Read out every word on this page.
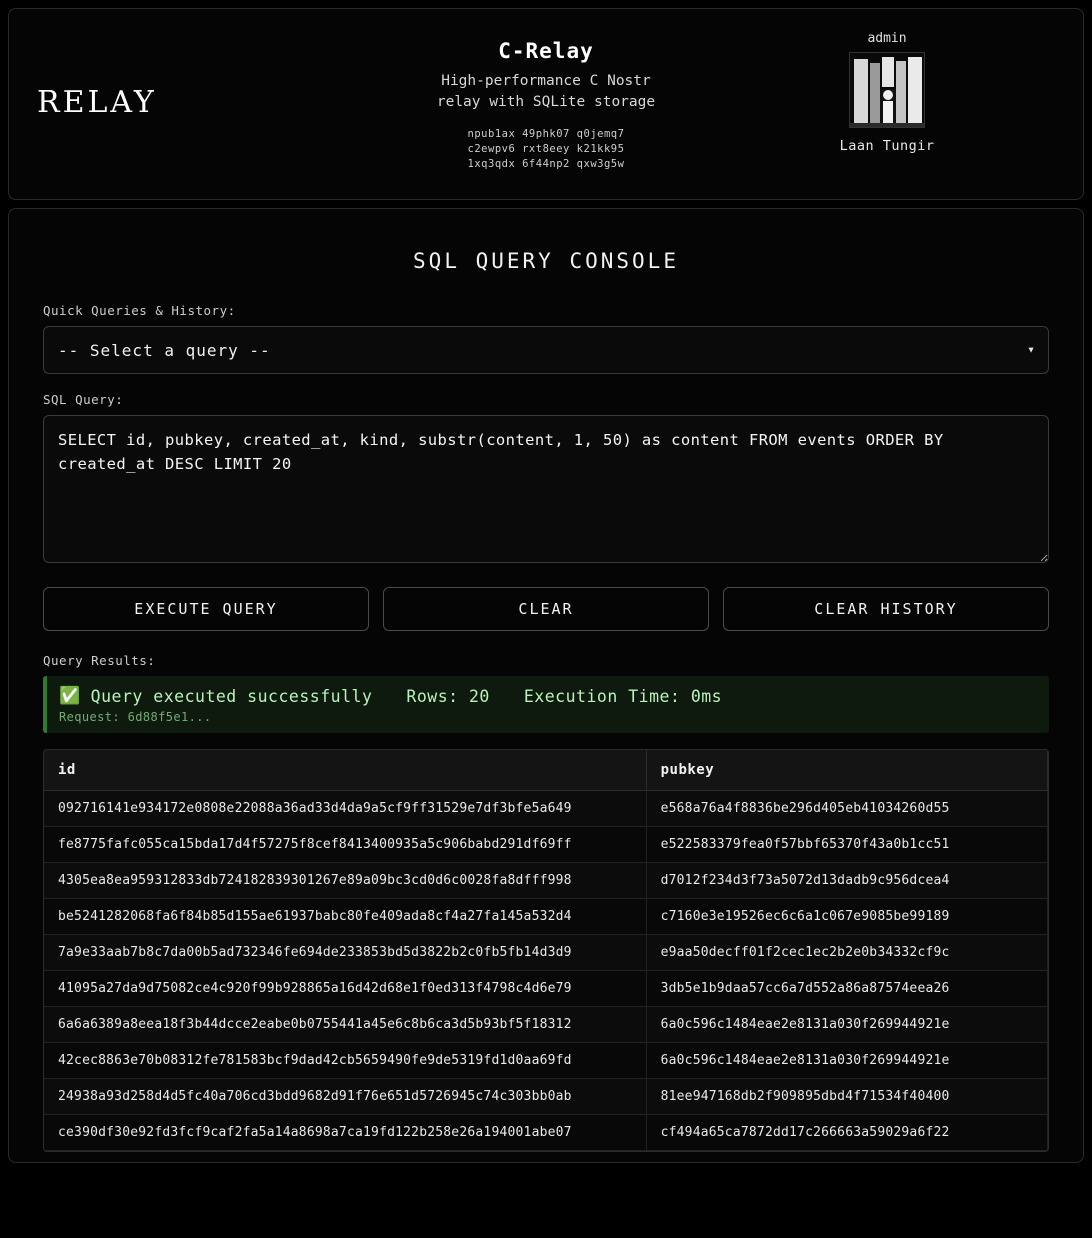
RELAY
C-Relay
High-performance C Nostr relay with SQLite storage
npub1ax 49phk07 q0jemq7
c2ewpv6 rxt8eey k21kk95
1xq3qdx 6f44np2 qxw3g5w
admin
Laan Tungir
SQL QUERY CONSOLE
Quick Queries & History:
-- Select a query --
▾
SQL Query:
SELECT id, pubkey, created_at, kind, substr(content, 1, 50) as content FROM events ORDER BY created_at DESC LIMIT 20
EXECUTE QUERY	CLEAR	CLEAR HISTORY
Query Results:
✅ Query executed successfully Rows: 20 Execution Time: 0ms
Request: 6d88f5e1...
id	pubkey
092716141e934172e0808e22088a36ad33d4da9a5cf9ff31529e7df3bfe5a649	e568a76a4f8836be296d405eb41034260d55
fe8775fafc055ca15bda17d4f57275f8cef8413400935a5c906babd291df69ff	e522583379fea0f57bbf65370f43a0b1cc51
4305ea8ea959312833db724182839301267e89a09bc3cd0d6c0028fa8dfff998	d7012f234d3f73a5072d13dadb9c956dcea4
be5241282068fa6f84b85d155ae61937babc80fe409ada8cf4a27fa145a532d4	c7160e3e19526ec6c6a1c067e9085be99189
7a9e33aab7b8c7da00b5ad732346fe694de233853bd5d3822b2c0fb5fb14d3d9	e9aa50decff01f2cec1ec2b2e0b34332cf9c
41095a27da9d75082ce4c920f99b928865a16d42d68e1f0ed313f4798c4d6e79	3db5e1b9daa57cc6a7d552a86a87574eea26
6a6a6389a8eea18f3b44dcce2eabe0b0755441a45e6c8b6ca3d5b93bf5f18312	6a0c596c1484eae2e8131a030f269944921e
42cec8863e70b08312fe781583bcf9dad42cb5659490fe9de5319fd1d0aa69fd	6a0c596c1484eae2e8131a030f269944921e
24938a93d258d4d5fc40a706cd3bdd9682d91f76e651d5726945c74c303bb0ab	81ee947168db2f909895dbd4f71534f40400
ce390df30e92fd3fcf9caf2fa5a14a8698a7ca19fd122b258e26a194001abe07	cf494a65ca7872dd17c266663a59029a6f22
